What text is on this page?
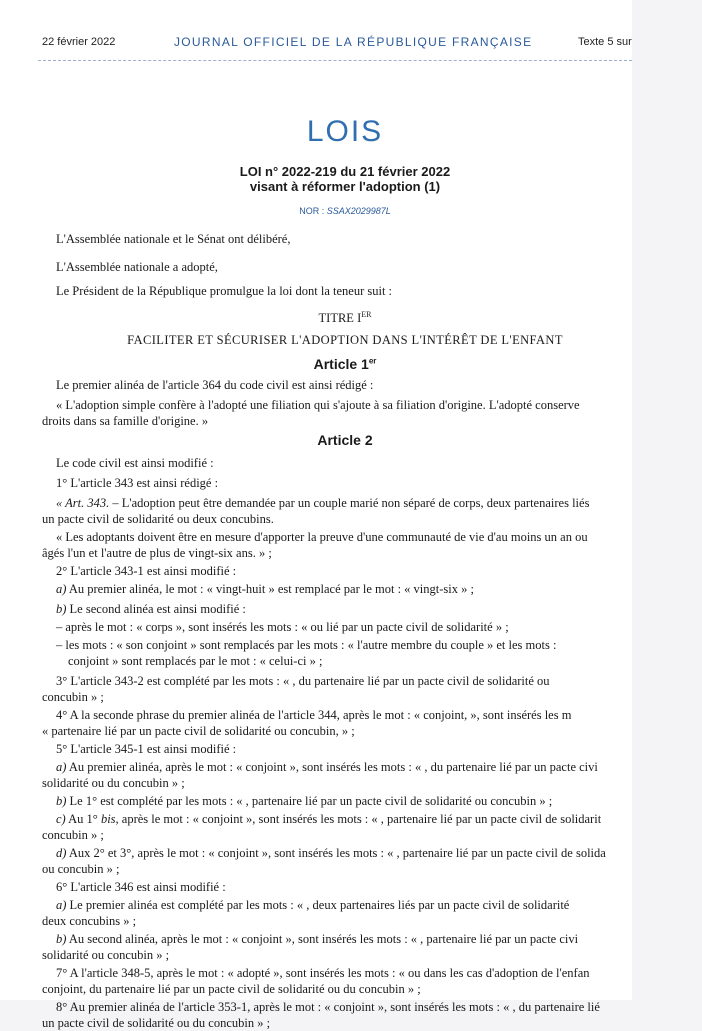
22 février 2022	JOURNAL OFFICIEL DE LA RÉPUBLIQUE FRANÇAISE	Texte 5 sur
LOIS
LOI n° 2022-219 du 21 février 2022
visant à réformer l'adoption (1)
NOR : SSAX2029987L
L'Assemblée nationale et le Sénat ont délibéré,
L'Assemblée nationale a adopté,
Le Président de la République promulgue la loi dont la teneur suit :
TITRE IER
FACILITER ET SÉCURISER L'ADOPTION DANS L'INTÉRÊT DE L'ENFANT
Article 1er
Le premier alinéa de l'article 364 du code civil est ainsi rédigé :
« L'adoption simple confère à l'adopté une filiation qui s'ajoute à sa filiation d'origine. L'adopté conserve
droits dans sa famille d'origine. »
Article 2
Le code civil est ainsi modifié :
1° L'article 343 est ainsi rédigé :
« Art. 343. – L'adoption peut être demandée par un couple marié non séparé de corps, deux partenaires liés
un pacte civil de solidarité ou deux concubins.
« Les adoptants doivent être en mesure d'apporter la preuve d'une communauté de vie d'au moins un an ou
âgés l'un et l'autre de plus de vingt-six ans. » ;
2° L'article 343-1 est ainsi modifié :
a) Au premier alinéa, le mot : « vingt-huit » est remplacé par le mot : « vingt-six » ;
b) Le second alinéa est ainsi modifié :
– après le mot : « corps », sont insérés les mots : « ou lié par un pacte civil de solidarité » ;
– les mots : « son conjoint » sont remplacés par les mots : « l'autre membre du couple » et les mots :
conjoint » sont remplacés par le mot : « celui-ci » ;
3° L'article 343-2 est complété par les mots : « , du partenaire lié par un pacte civil de solidarité ou
concubin » ;
4° A la seconde phrase du premier alinéa de l'article 344, après le mot : « conjoint, », sont insérés les m
« partenaire lié par un pacte civil de solidarité ou concubin, » ;
5° L'article 345-1 est ainsi modifié :
a) Au premier alinéa, après le mot : « conjoint », sont insérés les mots : « , du partenaire lié par un pacte civi
solidarité ou du concubin » ;
b) Le 1° est complété par les mots : « , partenaire lié par un pacte civil de solidarité ou concubin » ;
c) Au 1° bis, après le mot : « conjoint », sont insérés les mots : « , partenaire lié par un pacte civil de solidarit
concubin » ;
d) Aux 2° et 3°, après le mot : « conjoint », sont insérés les mots : « , partenaire lié par un pacte civil de solida
ou concubin » ;
6° L'article 346 est ainsi modifié :
a) Le premier alinéa est complété par les mots : « , deux partenaires liés par un pacte civil de solidarité
deux concubins » ;
b) Au second alinéa, après le mot : « conjoint », sont insérés les mots : « , partenaire lié par un pacte civi
solidarité ou concubin » ;
7° A l'article 348-5, après le mot : « adopté », sont insérés les mots : « ou dans les cas d'adoption de l'enfan
conjoint, du partenaire lié par un pacte civil de solidarité ou du concubin » ;
8° Au premier alinéa de l'article 353-1, après le mot : « conjoint », sont insérés les mots : « , du partenaire lié
un pacte civil de solidarité ou du concubin » ;
